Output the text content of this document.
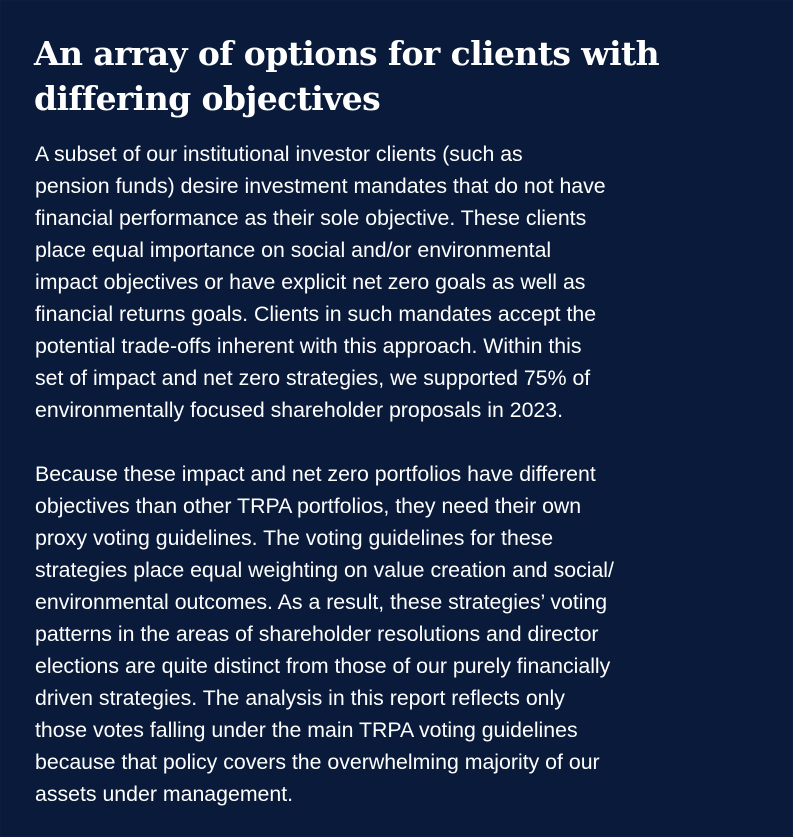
An array of options for clients with
differing objectives

A subset of our institutional investor clients (such as
pension funds) desire investment mandates that do not have
financial performance as their sole objective. These clients
place equal importance on social and/or environmental
impact objectives or have explicit net zero goals as well as
financial returns goals. Clients in such mandates accept the
potential trade-offs inherent with this approach. Within this
set of impact and net zero strategies, we supported 75% of
environmentally focused shareholder proposals in 2023.

Because these impact and net zero portfolios have different
objectives than other TRPA portfolios, they need their own
proxy voting guidelines. The voting guidelines for these
strategies place equal weighting on value creation and social/
environmental outcomes. As a result, these strategies’ voting
patterns in the areas of shareholder resolutions and director
elections are quite distinct from those of our purely financially
driven strategies. The analysis in this report reflects only
those votes falling under the main TRPA voting guidelines
because that policy covers the overwhelming majority of our
assets under management.
